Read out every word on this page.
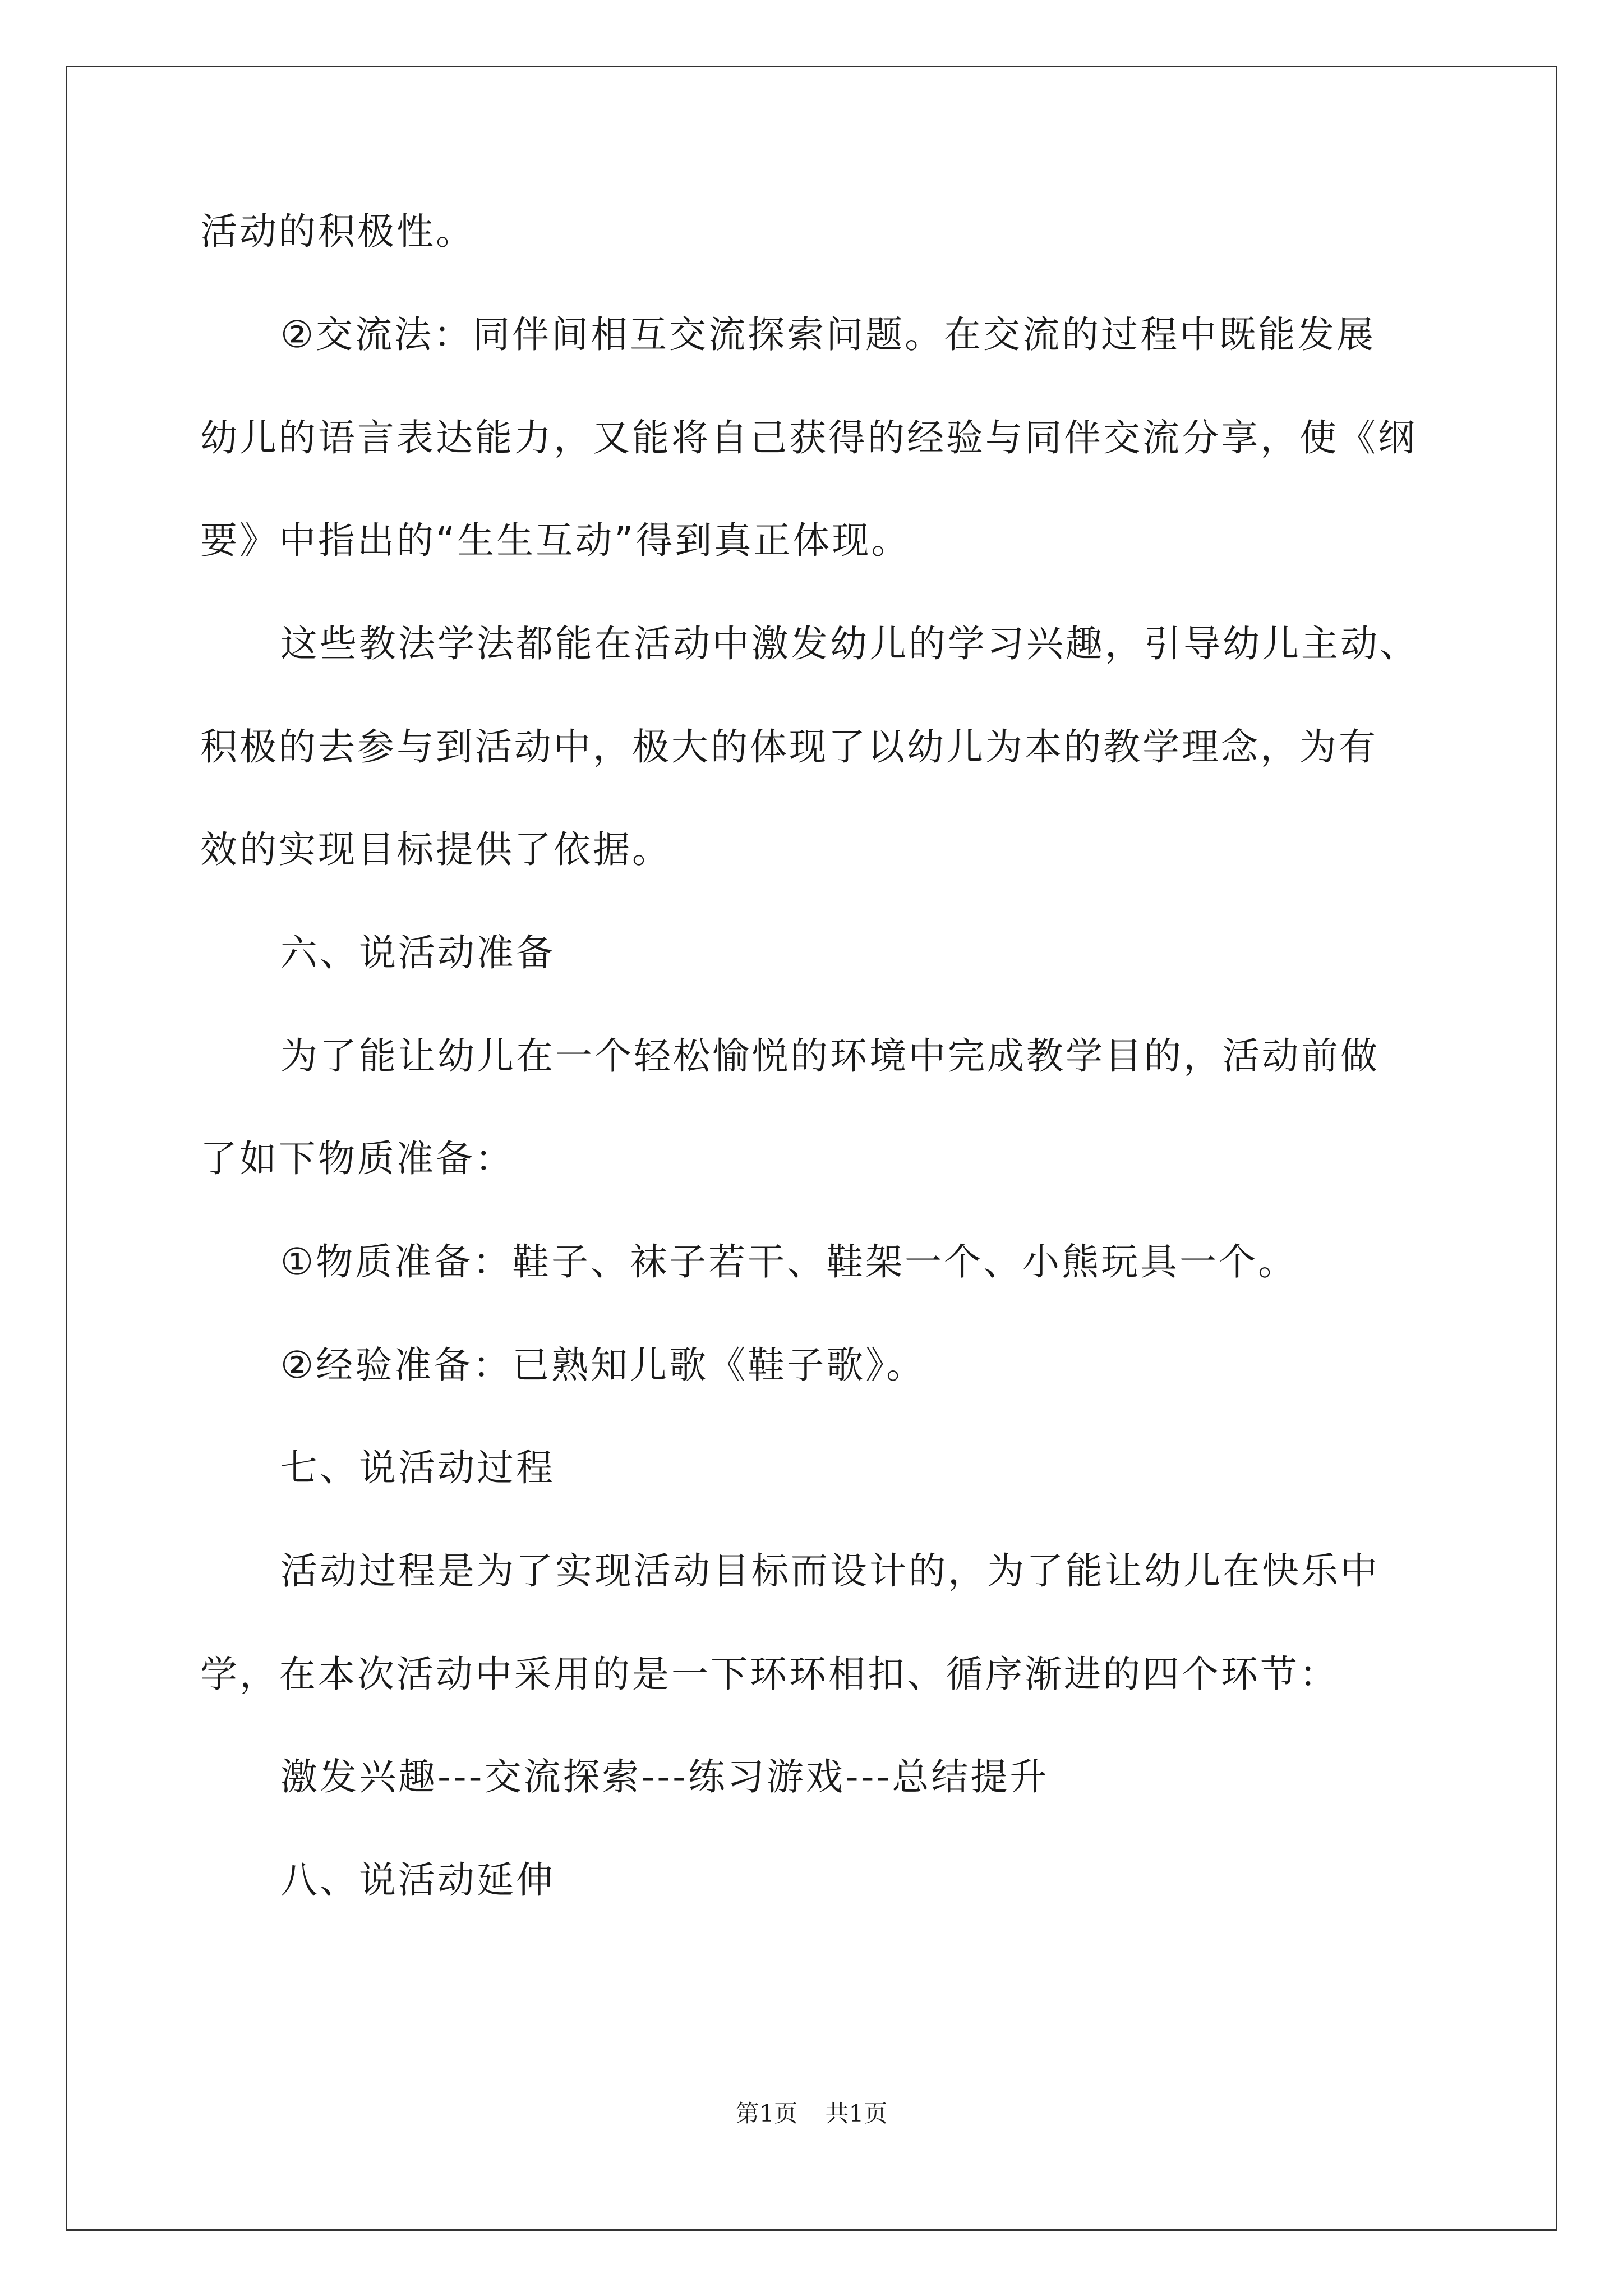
活动的积极性。
②交流法：同伴间相互交流探索问题。在交流的过程中既能发展
幼儿的语言表达能力，又能将自己获得的经验与同伴交流分享，使《纲
要》中指出的“生生互动”得到真正体现。
这些教法学法都能在活动中激发幼儿的学习兴趣，引导幼儿主动、
积极的去参与到活动中，极大的体现了以幼儿为本的教学理念，为有
效的实现目标提供了依据。
六、说活动准备
为了能让幼儿在一个轻松愉悦的环境中完成教学目的，活动前做
了如下物质准备：
①物质准备：鞋子、袜子若干、鞋架一个、小熊玩具一个。
②经验准备：已熟知儿歌《鞋子歌》。
七、说活动过程
活动过程是为了实现活动目标而设计的，为了能让幼儿在快乐中
学，在本次活动中采用的是一下环环相扣、循序渐进的四个环节：
激发兴趣---交流探索---练习游戏---总结提升
八、说活动延伸
第1页 共1页
